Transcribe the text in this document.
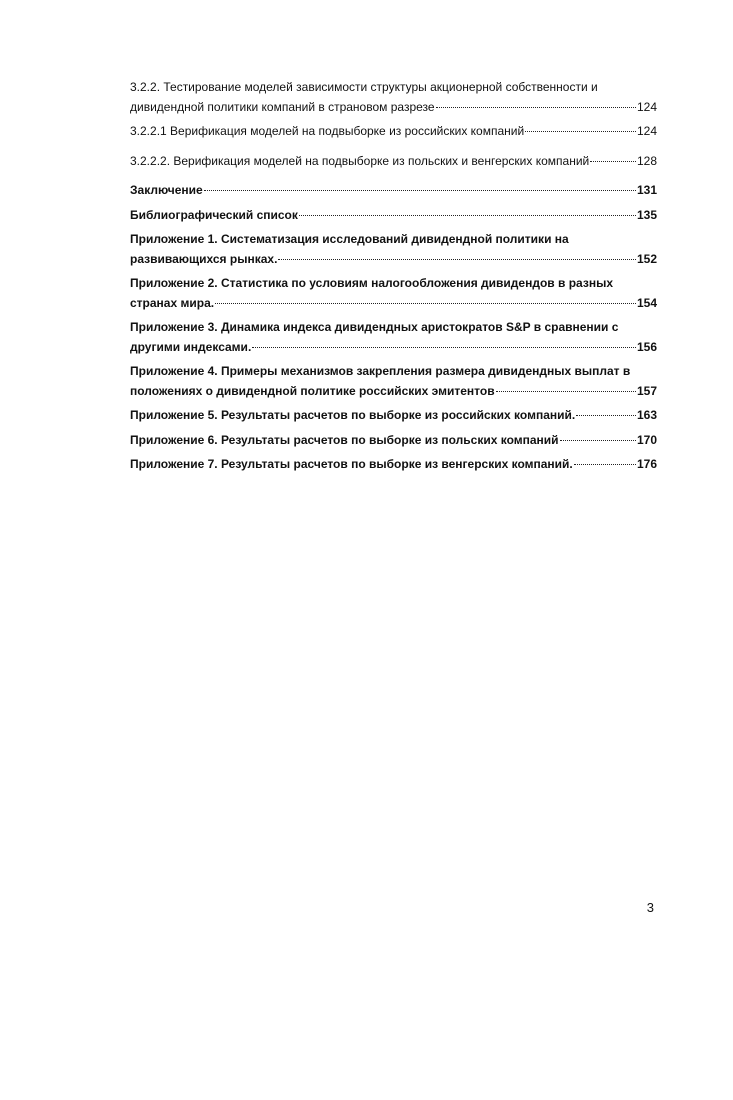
3.2.2. Тестирование моделей зависимости структуры акционерной собственности и
дивидендной политики компаний в страновом разрезе	124
3.2.2.1 Верификация моделей на подвыборке из российских компаний	124
3.2.2.2. Верификация моделей на подвыборке из польских и венгерских компаний	128
Заключение	131
Библиографический список	135
Приложение 1. Систематизация исследований дивидендной политики на
развивающихся рынках.	152
Приложение 2. Статистика по условиям налогообложения дивидендов в разных
странах мира.	154
Приложение 3. Динамика индекса дивидендных аристократов S&P в сравнении с
другими индексами.	156
Приложение 4. Примеры механизмов закрепления размера дивидендных выплат в
положениях о дивидендной политике российских эмитентов	157
Приложение 5. Результаты расчетов по выборке из российских компаний.	163
Приложение 6. Результаты расчетов по выборке из польских компаний	170
Приложение 7. Результаты расчетов по выборке из венгерских компаний.	176
3
